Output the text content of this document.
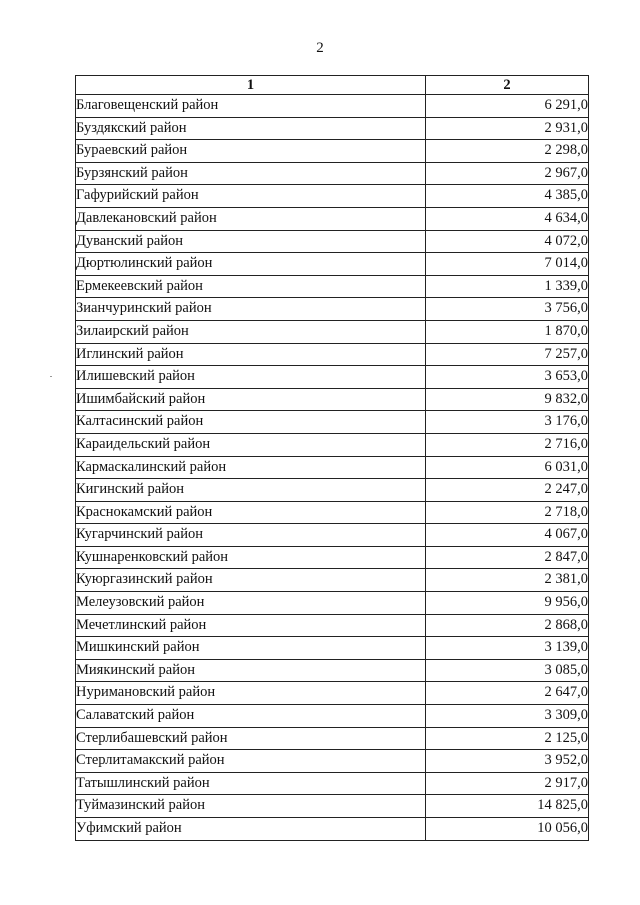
2
1	2
Благовещенский район	6 291,0
Буздякский район	2 931,0
Бураевский район	2 298,0
Бурзянский район	2 967,0
Гафурийский район	4 385,0
Давлекановский район	4 634,0
Дуванский район	4 072,0
Дюртюлинский район	7 014,0
Ермекеевский район	1 339,0
Зианчуринский район	3 756,0
Зилаирский район	1 870,0
Иглинский район	7 257,0
Илишевский район	3 653,0
Ишимбайский район	9 832,0
Калтасинский район	3 176,0
Караидельский район	2 716,0
Кармаскалинский район	6 031,0
Кигинский район	2 247,0
Краснокамский район	2 718,0
Кугарчинский район	4 067,0
Кушнаренковский район	2 847,0
Куюргазинский район	2 381,0
Мелеузовский район	9 956,0
Мечетлинский район	2 868,0
Мишкинский район	3 139,0
Миякинский район	3 085,0
Нуримановский район	2 647,0
Салаватский район	3 309,0
Стерлибашевский район	2 125,0
Стерлитамакский район	3 952,0
Татышлинский район	2 917,0
Туймазинский район	14 825,0
Уфимский район	10 056,0
